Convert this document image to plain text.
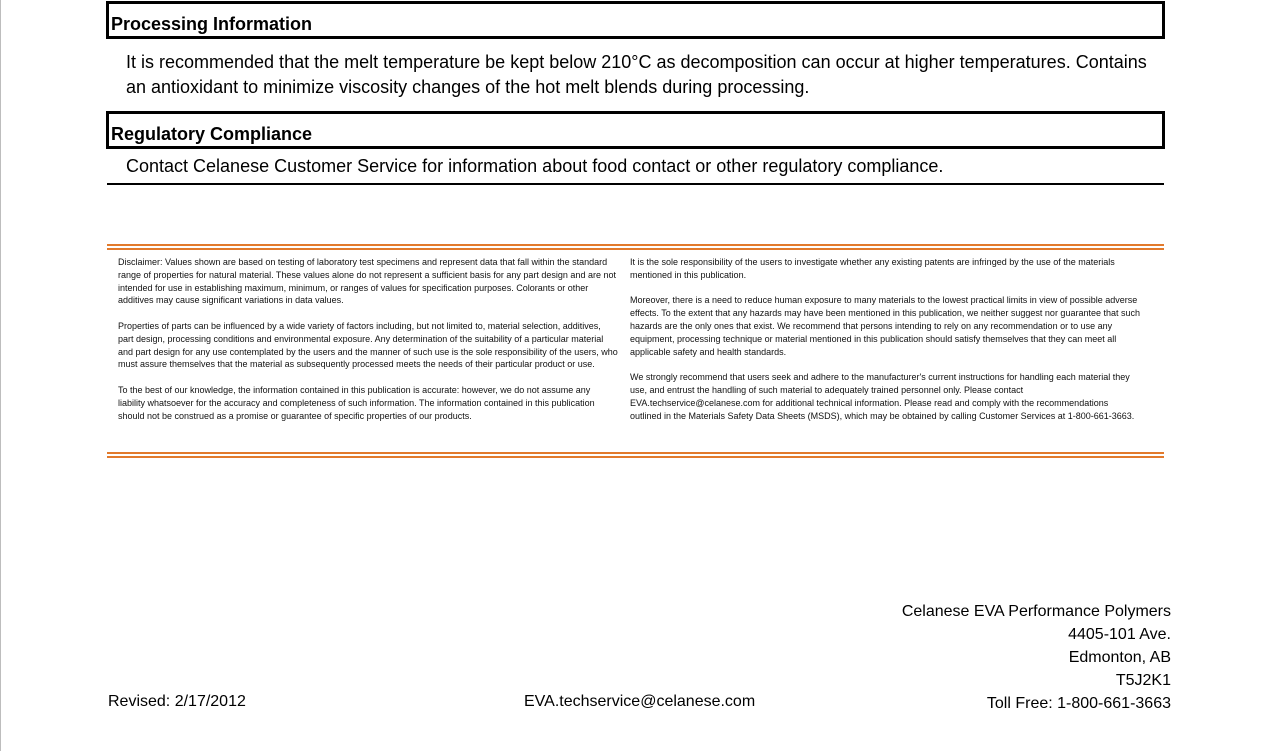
Processing Information
It is recommended that the melt temperature be kept below 210°C as decomposition can occur at higher temperatures. Contains an antioxidant to minimize viscosity changes of the hot melt blends during processing.
Regulatory Compliance
Contact Celanese Customer Service for information about food contact or other regulatory compliance.

Disclaimer: Values shown are based on testing of laboratory test specimens and represent data that fall within the standard range of properties for natural material. These values alone do not represent a sufficient basis for any part design and are not intended for use in establishing maximum, minimum, or ranges of values for specification purposes. Colorants or other additives may cause significant variations in data values.

Properties of parts can be influenced by a wide variety of factors including, but not limited to, material selection, additives, part design, processing conditions and environmental exposure. Any determination of the suitability of a particular material and part design for any use contemplated by the users and the manner of such use is the sole responsibility of the users, who must assure themselves that the material as subsequently processed meets the needs of their particular product or use.

To the best of our knowledge, the information contained in this publication is accurate: however, we do not assume any liability whatsoever for the accuracy and completeness of such information. The information contained in this publication should not be construed as a promise or guarantee of specific properties of our products.

It is the sole responsibility of the users to investigate whether any existing patents are infringed by the use of the materials mentioned in this publication.

Moreover, there is a need to reduce human exposure to many materials to the lowest practical limits in view of possible adverse effects. To the extent that any hazards may have been mentioned in this publication, we neither suggest nor guarantee that such hazards are the only ones that exist. We recommend that persons intending to rely on any recommendation or to use any equipment, processing technique or material mentioned in this publication should satisfy themselves that they can meet all applicable safety and health standards.

We strongly recommend that users seek and adhere to the manufacturer's current instructions for handling each material they use, and entrust the handling of such material to adequately trained personnel only. Please contact EVA.techservice@celanese.com for additional technical information. Please read and comply with the recommendations outlined in the Materials Safety Data Sheets (MSDS), which may be obtained by calling Customer Services at 1-800-661-3663.

Revised: 2/17/2012	EVA.techservice@celanese.com
Celanese EVA Performance Polymers
4405-101 Ave.
Edmonton, AB
T5J2K1
Toll Free: 1-800-661-3663
